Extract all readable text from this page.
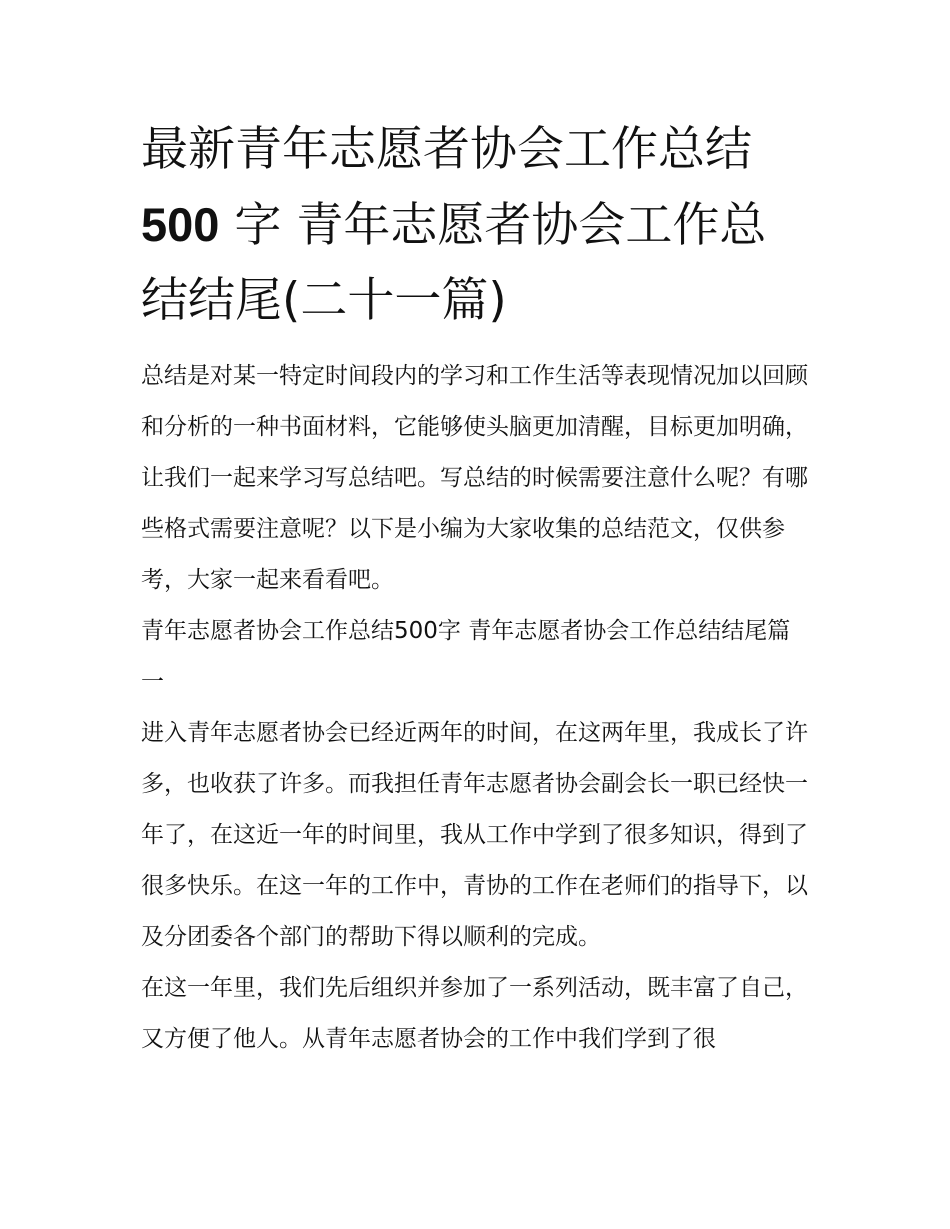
最新青年志愿者协会工作总结
500 字 青年志愿者协会工作总
结结尾(二十一篇)

总结是对某一特定时间段内的学习和工作生活等表现情况加以回顾和分析的一种书面材料，它能够使头脑更加清醒，目标更加明确，让我们一起来学习写总结吧。写总结的时候需要注意什么呢？有哪些格式需要注意呢？以下是小编为大家收集的总结范文，仅供参考，大家一起来看看吧。

青年志愿者协会工作总结500字 青年志愿者协会工作总结结尾篇一

进入青年志愿者协会已经近两年的时间，在这两年里，我成长了许多，也收获了许多。而我担任青年志愿者协会副会长一职已经快一年了，在这近一年的时间里，我从工作中学到了很多知识，得到了很多快乐。在这一年的工作中，青协的工作在老师们的指导下，以及分团委各个部门的帮助下得以顺利的完成。

在这一年里，我们先后组织并参加了一系列活动，既丰富了自己，又方便了他人。从青年志愿者协会的工作中我们学到了很
